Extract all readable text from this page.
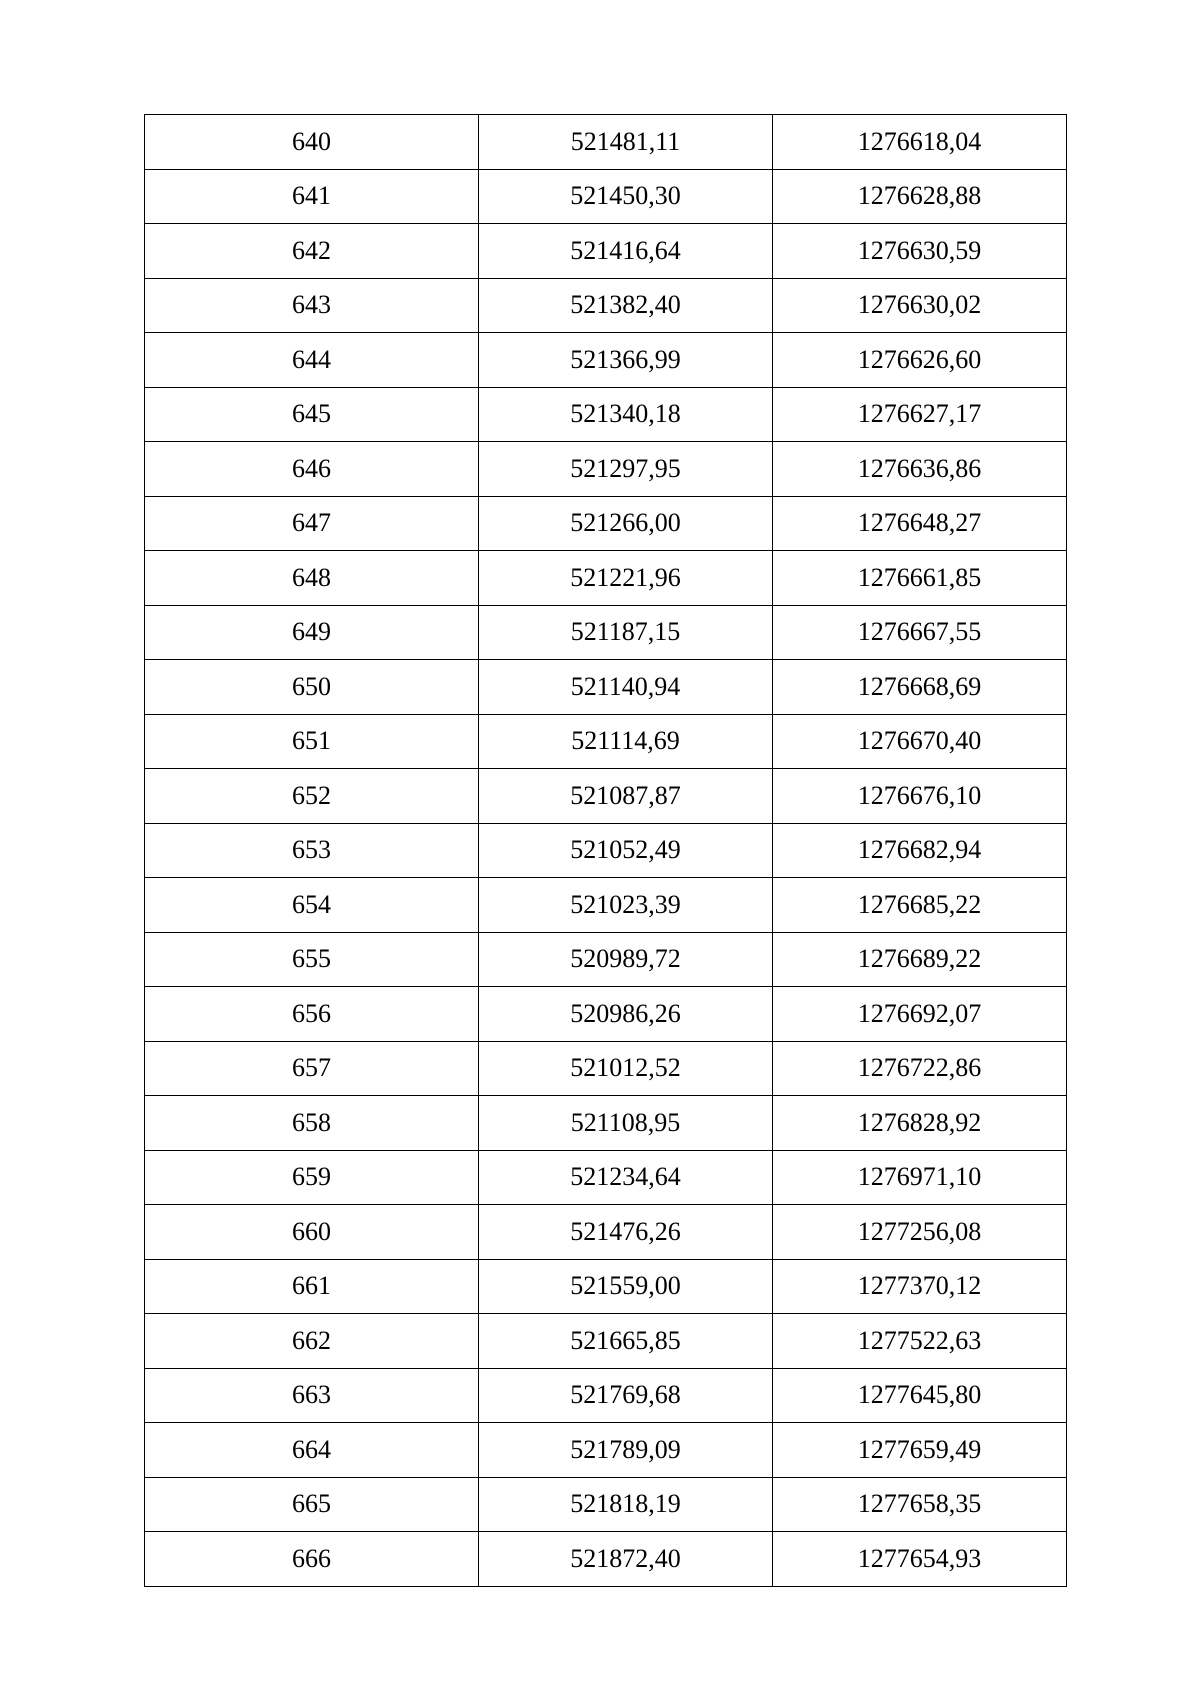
640	521481,11	1276618,04
641	521450,30	1276628,88
642	521416,64	1276630,59
643	521382,40	1276630,02
644	521366,99	1276626,60
645	521340,18	1276627,17
646	521297,95	1276636,86
647	521266,00	1276648,27
648	521221,96	1276661,85
649	521187,15	1276667,55
650	521140,94	1276668,69
651	521114,69	1276670,40
652	521087,87	1276676,10
653	521052,49	1276682,94
654	521023,39	1276685,22
655	520989,72	1276689,22
656	520986,26	1276692,07
657	521012,52	1276722,86
658	521108,95	1276828,92
659	521234,64	1276971,10
660	521476,26	1277256,08
661	521559,00	1277370,12
662	521665,85	1277522,63
663	521769,68	1277645,80
664	521789,09	1277659,49
665	521818,19	1277658,35
666	521872,40	1277654,93
